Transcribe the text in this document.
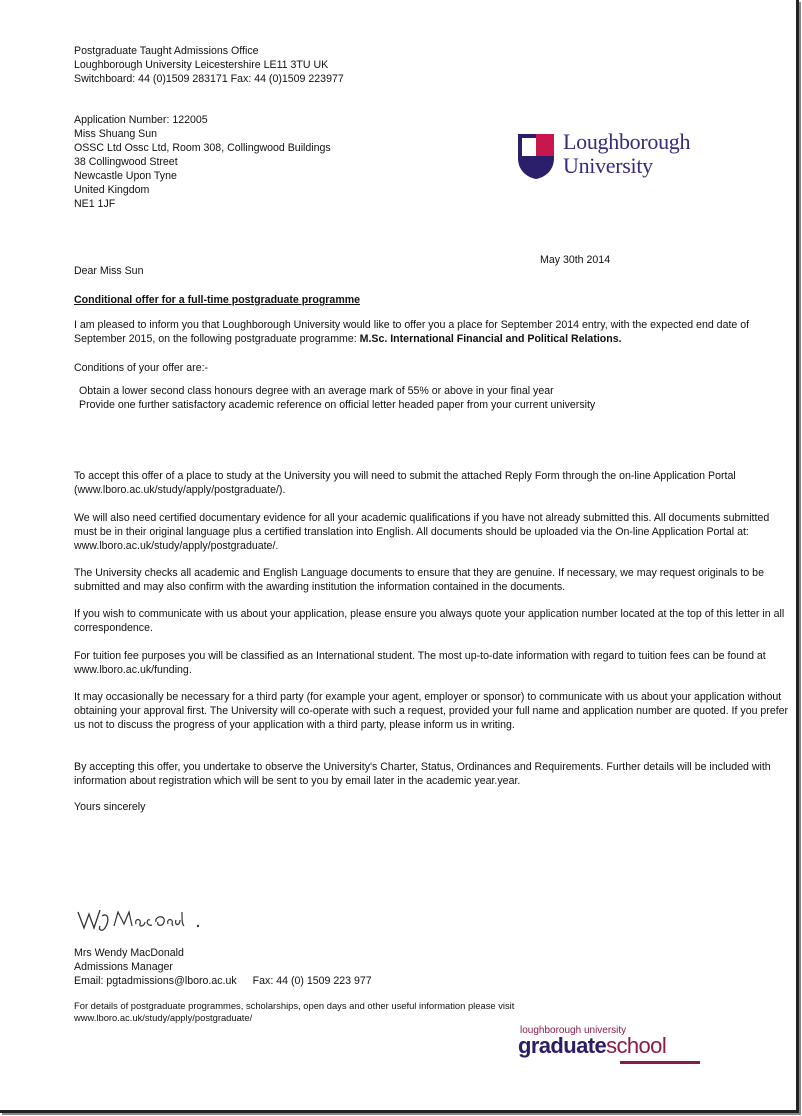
Postgraduate Taught Admissions Office
Loughborough University Leicestershire LE11 3TU UK
Switchboard: 44 (0)1509 283171 Fax: 44 (0)1509 223977
Application Number: 122005
Miss Shuang Sun
OSSC Ltd Ossc Ltd, Room 308, Collingwood Buildings
38 Collingwood Street
Newcastle Upon Tyne
United Kingdom
NE1 1JF
Loughborough
University
May 30th 2014
Dear Miss Sun
Conditional offer for a full-time postgraduate programme

I am pleased to inform you that Loughborough University would like to offer you a place for September 2014 entry, with the expected end date of September 2015, on the following postgraduate programme: M.Sc. International Financial and Political Relations.

Conditions of your offer are:-
Obtain a lower second class honours degree with an average mark of 55% or above in your final year
Provide one further satisfactory academic reference on official letter headed paper from your current university

To accept this offer of a place to study at the University you will need to submit the attached Reply Form through the on-line Application Portal (www.lboro.ac.uk/study/apply/postgraduate/).

We will also need certified documentary evidence for all your academic qualifications if you have not already submitted this. All documents submitted must be in their original language plus a certified translation into English. All documents should be uploaded via the On-line Application Portal at: www.lboro.ac.uk/study/apply/postgraduate/.

The University checks all academic and English Language documents to ensure that they are genuine. If necessary, we may request originals to be submitted and may also confirm with the awarding institution the information contained in the documents.

If you wish to communicate with us about your application, please ensure you always quote your application number located at the top of this letter in all correspondence.

For tuition fee purposes you will be classified as an International student. The most up-to-date information with regard to tuition fees can be found at www.lboro.ac.uk/funding.

It may occasionally be necessary for a third party (for example your agent, employer or sponsor) to communicate with us about your application without obtaining your approval first. The University will co-operate with such a request, provided your full name and application number are quoted. If you prefer us not to discuss the progress of your application with a third party, please inform us in writing.

By accepting this offer, you undertake to observe the University's Charter, Status, Ordinances and Requirements. Further details will be included with information about registration which will be sent to you by email later in the academic year.year.

Yours sincerely
Mrs Wendy MacDonald
Admissions Manager
Email: pgtadmissions@lboro.ac.uk Fax: 44 (0) 1509 223 977
For details of postgraduate programmes, scholarships, open days and other useful information please visit
www.lboro.ac.uk/study/apply/postgraduate/
loughborough university
graduateschool
